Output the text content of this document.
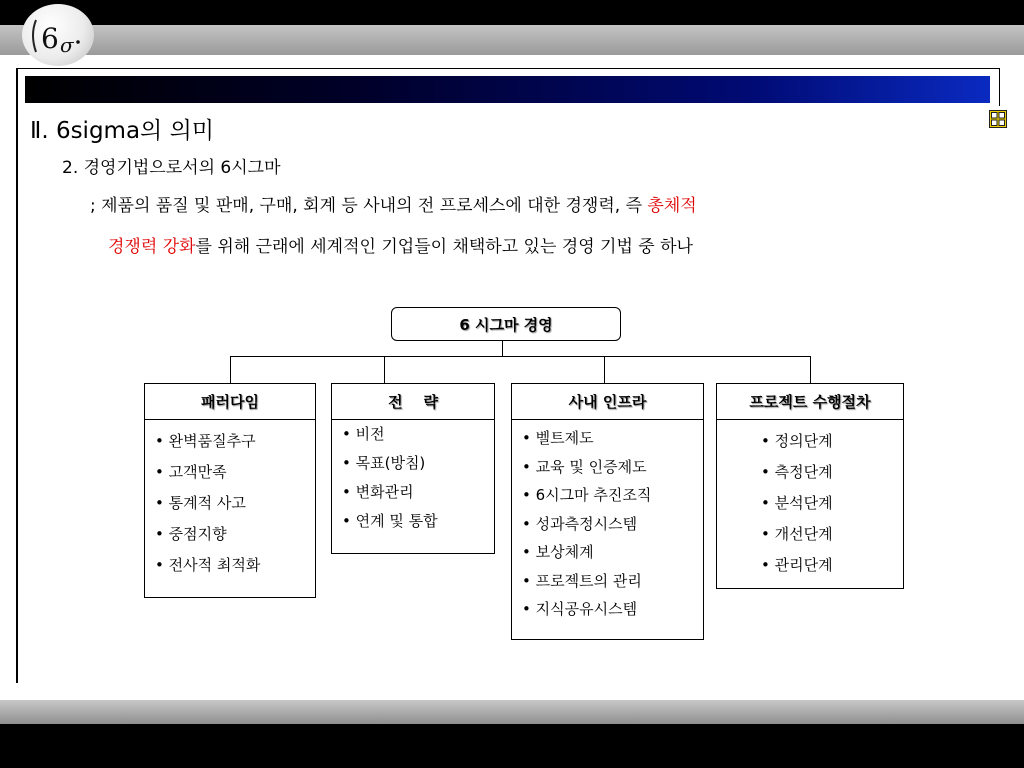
6 σ
Ⅱ. 6sigma의 의미
2. 경영기법으로서의 6시그마
; 제품의 품질 및 판매, 구매, 회계 등 사내의 전 프로세스에 대한 경쟁력, 즉 총체적
경쟁력 강화를 위해 근래에 세계적인 기업들이 채택하고 있는 경영 기법 중 하나
6 시그마 경영
패러다임
• 완벽품질추구
• 고객만족
• 통계적 사고
• 중점지향
• 전사적 최적화
전    략
• 비전
• 목표(방침)
• 변화관리
• 연계 및 통합
사내 인프라
• 벨트제도
• 교육 및 인증제도
• 6시그마 추진조직
• 성과측정시스템
• 보상체계
• 프로젝트의 관리
• 지식공유시스템
프로젝트 수행절차
• 정의단계
• 측정단계
• 분석단계
• 개선단계
• 관리단계
